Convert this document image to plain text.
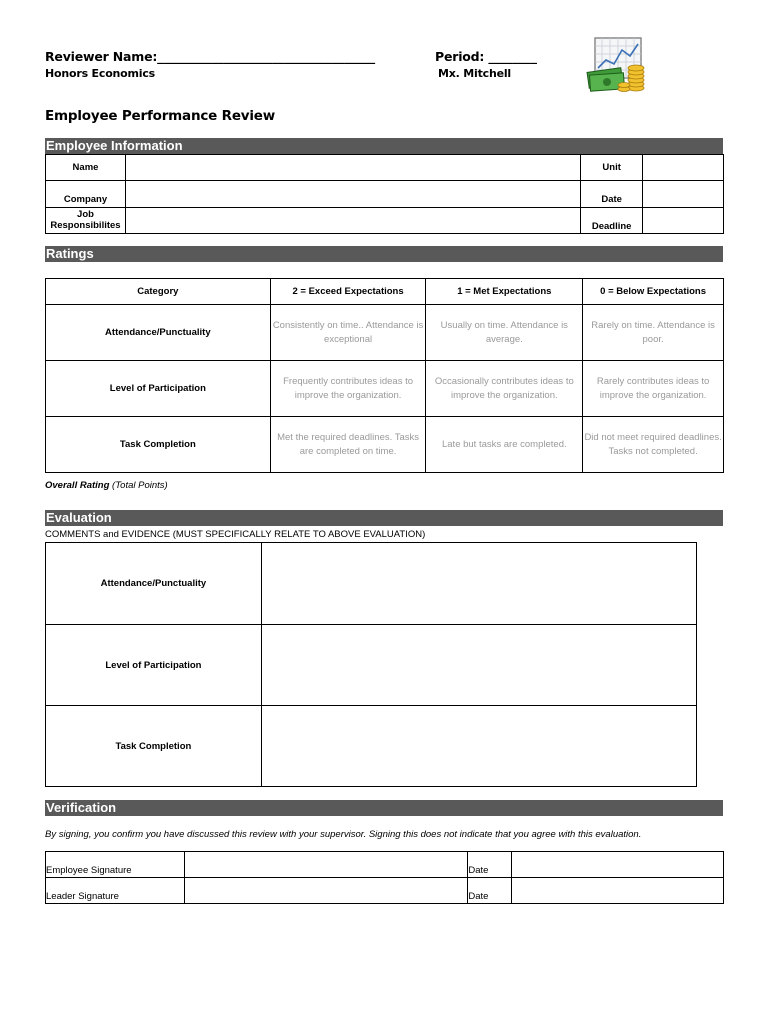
Reviewer Name:____________________________________
Honors Economics
Period: ________
Mx. Mitchell
Employee Performance Review
Employee Information
Name		Unit	
Company		Date	

Job Responsibilites		Deadline	
Ratings
Category	2 = Exceed Expectations	1 = Met Expectations	0 = Below Expectations
Attendance/Punctuality	Consistently on time.. Attendance is exceptional	Usually on time. Attendance is average.	Rarely on time. Attendance is poor.
Level of Participation	Frequently contributes ideas to improve the organization.	Occasionally contributes ideas to improve the organization.	Rarely contributes ideas to improve the organization.
Task Completion	Met the required deadlines. Tasks are completed on time.	Late but tasks are completed.	Did not meet required deadlines. Tasks not completed.
Overall Rating (Total Points)
Evaluation
COMMENTS and EVIDENCE (MUST SPECIFICALLY RELATE TO ABOVE EVALUATION)
Attendance/Punctuality	
Level of Participation	
Task Completion	
Verification
By signing, you confirm you have discussed this review with your supervisor. Signing this does not indicate that you agree with this evaluation.
Employee Signature		Date	
Leader Signature		Date	
